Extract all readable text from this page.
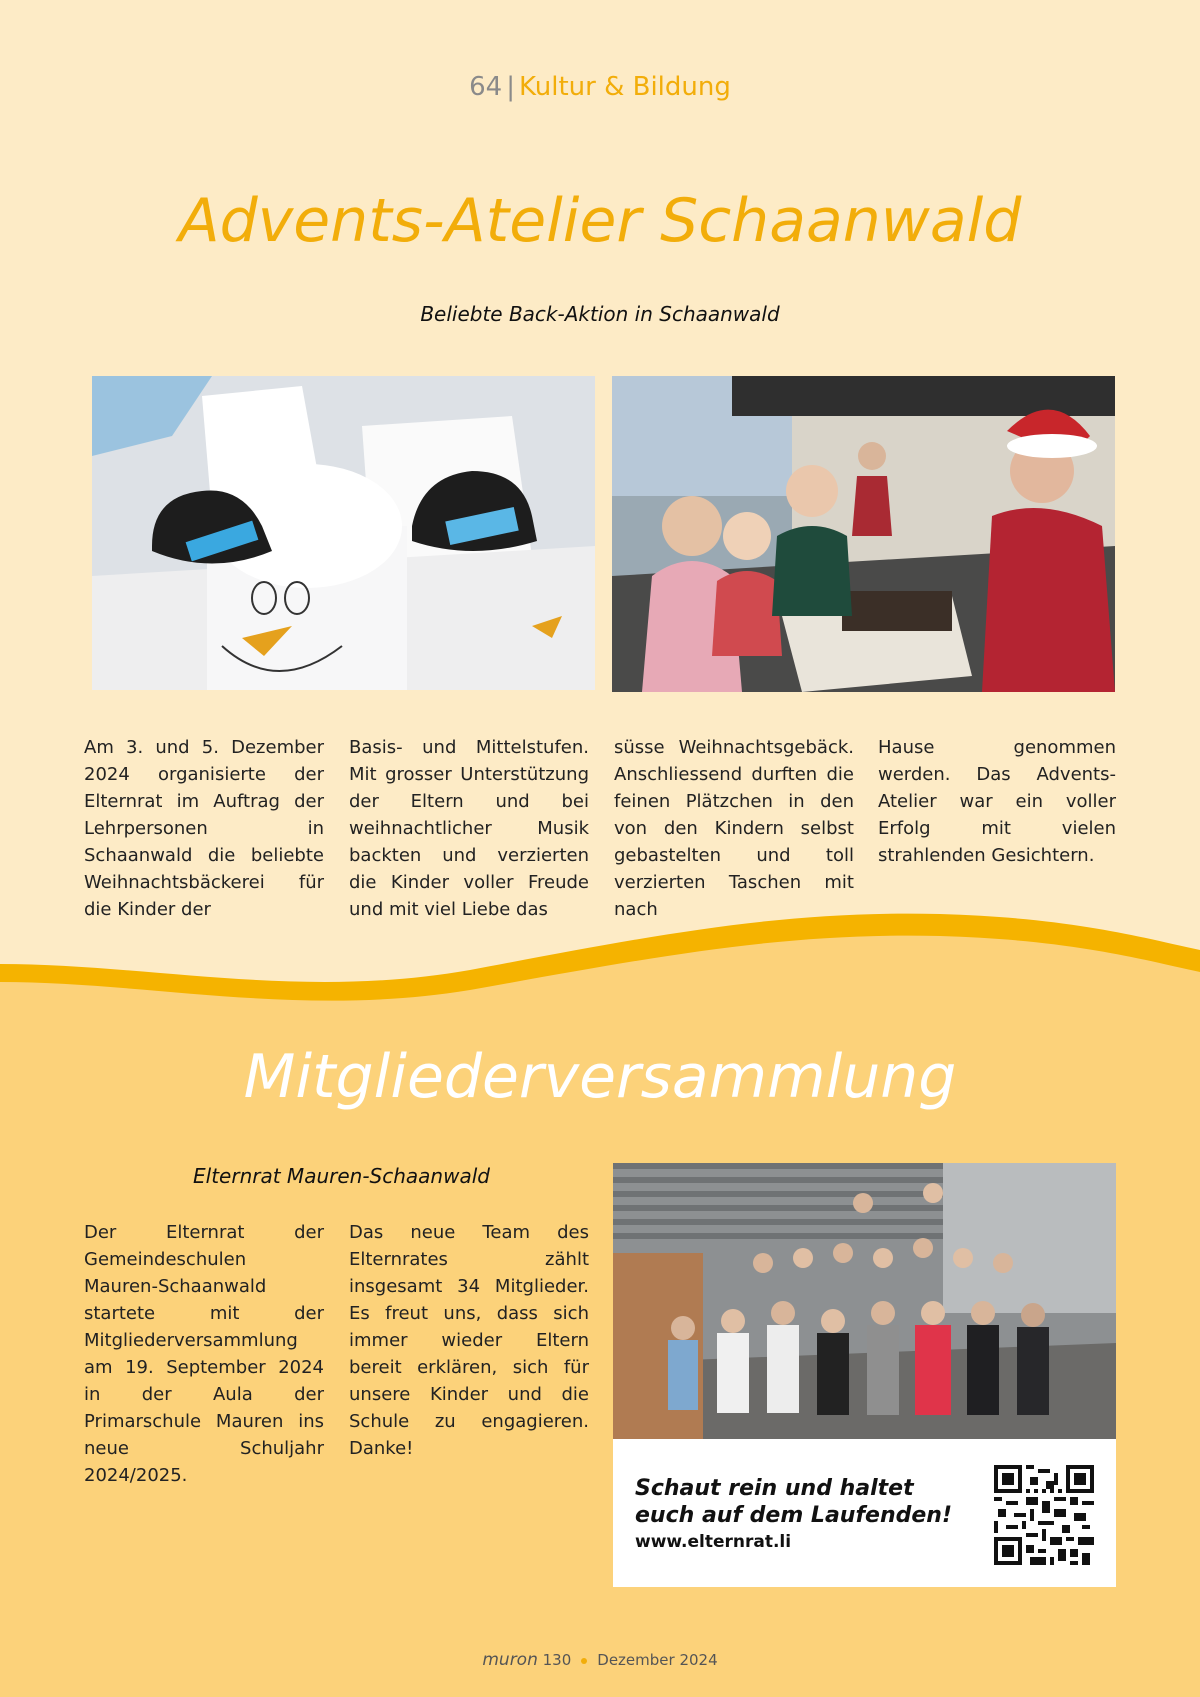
64 | Kultur & Bildung
Advents-Atelier Schaanwald
Beliebte Back-Aktion in Schaanwald

Am 3. und 5. Dezember 2024 organisierte der Elternrat im Auftrag der Lehrpersonen in Schaanwald die beliebte Weihnachtsbäckerei für die Kinder der

Basis- und Mittelstufen. Mit grosser Unterstützung der Eltern und bei weihnachtlicher Musik backten und verzierten die Kinder voller Freude und mit viel Liebe das

süsse Weihnachtsgebäck. Anschliessend durften die feinen Plätzchen in den von den Kindern selbst gebastelten und toll verzierten Taschen mit nach

Hause genommen werden. Das Advents-Atelier war ein voller Erfolg mit vielen strahlenden Gesichtern.

Mitgliederversammlung
Elternrat Mauren-Schaanwald

Der Elternrat der Gemeindeschulen Mauren-Schaanwald startete mit der Mitgliederversammlung am 19. September 2024 in der Aula der Primarschule Mauren ins neue Schuljahr 2024/2025.

Das neue Team des Elternrates zählt insgesamt 34 Mitglieder. Es freut uns, dass sich immer wieder Eltern bereit erklären, sich für unsere Kinder und die Schule zu engagieren. Danke!

Schaut rein und haltet
euch auf dem Laufenden!
www.elternrat.li
muron 130 Dezember 2024
